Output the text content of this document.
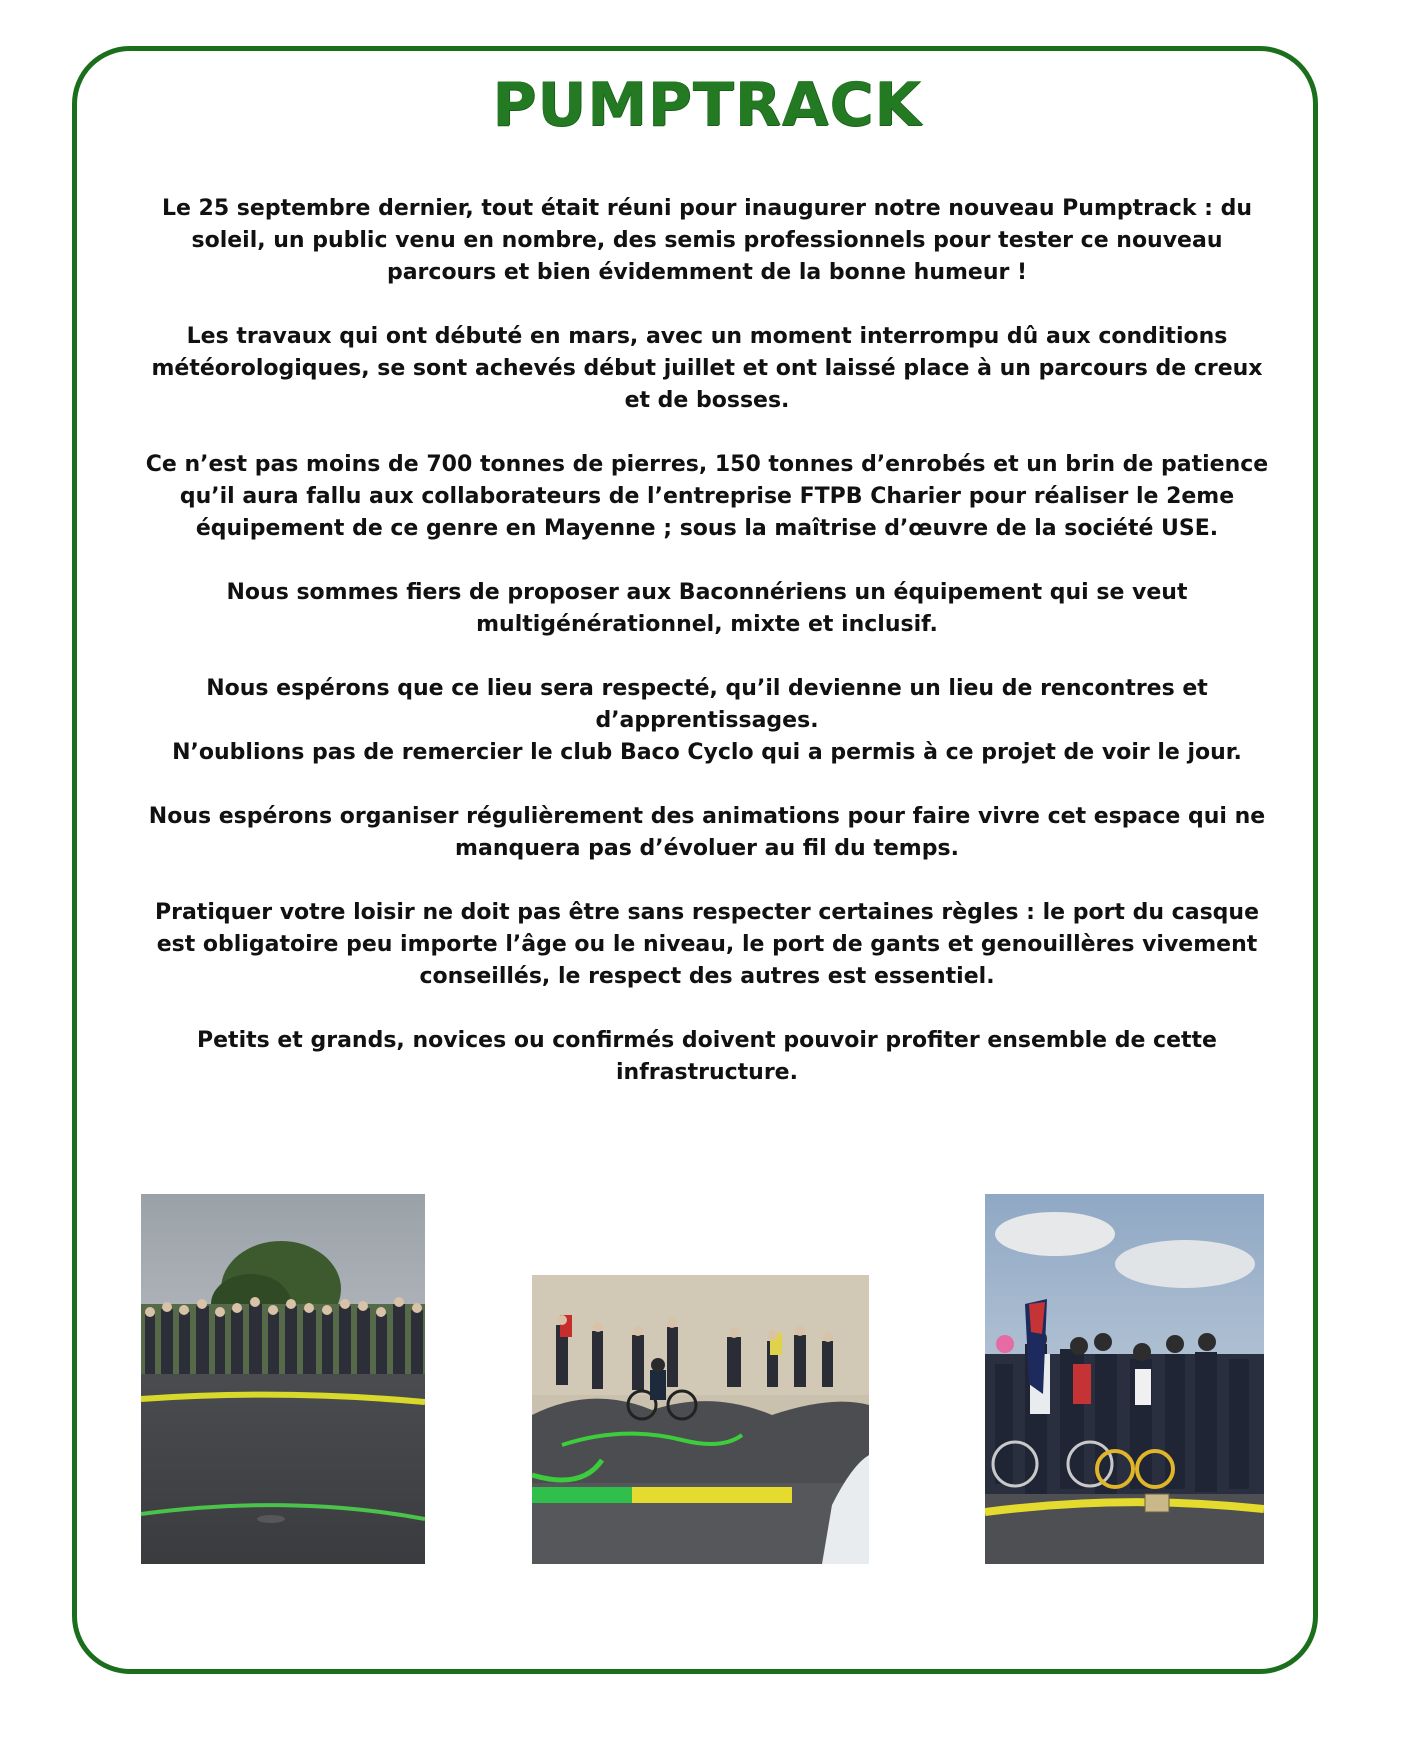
PUMPTRACK

Le 25 septembre dernier, tout était réuni pour inaugurer notre nouveau Pumptrack : du soleil, un public venu en nombre, des semis professionnels pour tester ce nouveau parcours et bien évidemment de la bonne humeur !

Les travaux qui ont débuté en mars, avec un moment interrompu dû aux conditions météorologiques, se sont achevés début juillet et ont laissé place à un parcours de creux et de bosses.

Ce n’est pas moins de 700 tonnes de pierres, 150 tonnes d’enrobés et un brin de patience qu’il aura fallu aux collaborateurs de l’entreprise FTPB Charier pour réaliser le 2eme équipement de ce genre en Mayenne ; sous la maîtrise d’œuvre de la société USE.

Nous sommes fiers de proposer aux Baconnériens un équipement qui se veut multigénérationnel, mixte et inclusif.

Nous espérons que ce lieu sera respecté, qu’il devienne un lieu de rencontres et d’apprentissages.

N’oublions pas de remercier le club Baco Cyclo qui a permis à ce projet de voir le jour.

Nous espérons organiser régulièrement des animations pour faire vivre cet espace qui ne manquera pas d’évoluer au fil du temps.

Pratiquer votre loisir ne doit pas être sans respecter certaines règles : le port du casque est obligatoire peu importe l’âge ou le niveau, le port de gants et genouillères vivement conseillés, le respect des autres est essentiel.

Petits et grands, novices ou confirmés doivent pouvoir profiter ensemble de cette infrastructure.
